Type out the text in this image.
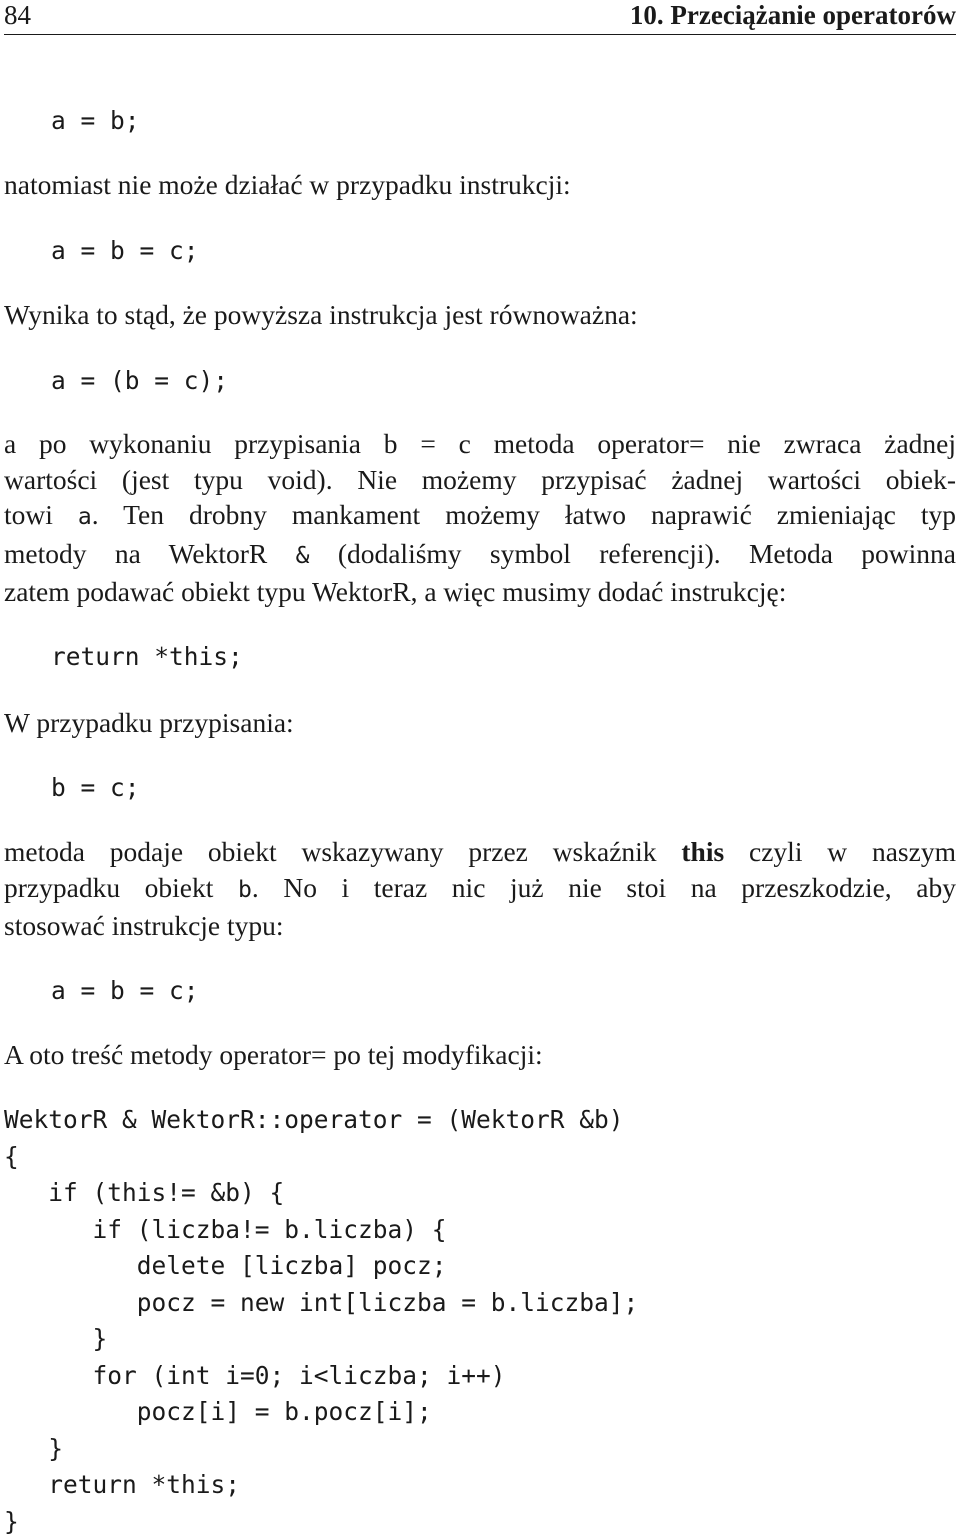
84	10. Przeciążanie operatorów
a = b;
natomiast nie może działać w przypadku instrukcji:
a = b = c;
Wynika to stąd, że powyższa instrukcja jest równoważna:
a = (b = c);
a po wykonaniu przypisania b = c metoda operator= nie zwraca żadnej
wartości (jest typu void). Nie możemy przypisać żadnej wartości obiek-
towi a. Ten drobny mankament możemy łatwo naprawić zmieniając typ
metody na WektorR & (dodaliśmy symbol referencji). Metoda powinna
zatem podawać obiekt typu WektorR, a więc musimy dodać instrukcję:
return *this;
W przypadku przypisania:
b = c;
metoda podaje obiekt wskazywany przez wskaźnik this czyli w naszym
przypadku obiekt b. No i teraz nic już nie stoi na przeszkodzie, aby
stosować instrukcje typu:
a = b = c;
A oto treść metody operator= po tej modyfikacji:
WektorR & WektorR::operator = (WektorR &b)
{
if (this!= &b) {
if (liczba!= b.liczba) {
delete [liczba] pocz;
pocz = new int[liczba = b.liczba];
}
for (int i=0; i<liczba; i++)
pocz[i] = b.pocz[i];
}
return *this;
}
